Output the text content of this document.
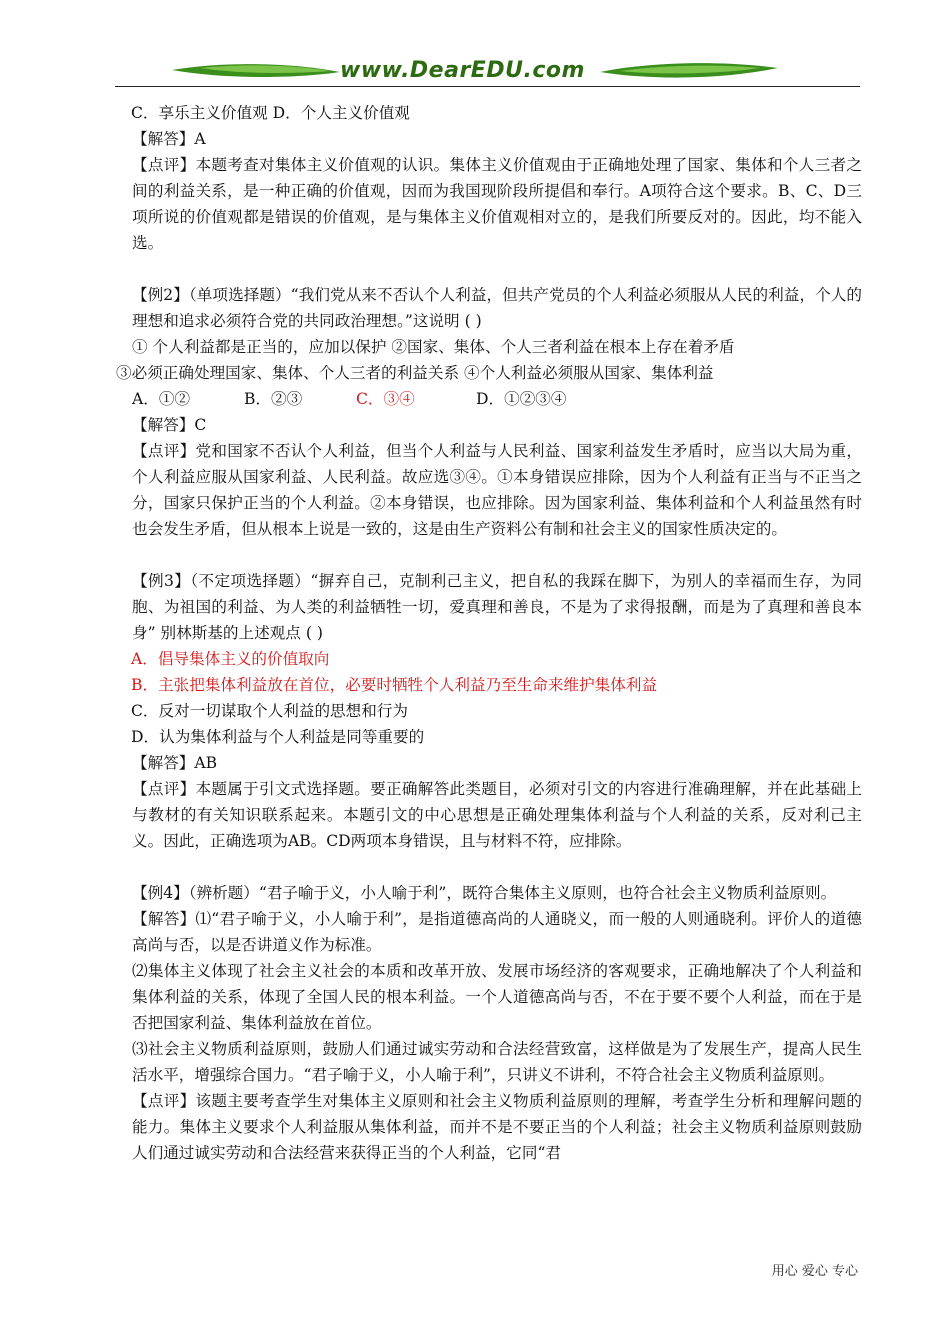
www.DearEDU.com

C．享乐主义价值观 D．个人主义价值观

【解答】A

【点评】本题考查对集体主义价值观的认识。集体主义价值观由于正确地处理了国家、集体和个人三者之间的利益关系，是一种正确的价值观，因而为我国现阶段所提倡和奉行。A项符合这个要求。B、C、D三项所说的价值观都是错误的价值观，是与集体主义价值观相对立的，是我们所要反对的。因此，均不能入选。

【例2】（单项选择题）“我们党从来不否认个人利益，但共产党员的个人利益必须服从人民的利益，个人的理想和追求必须符合党的共同政治理想。”这说明 ( )

① 个人利益都是正当的，应加以保护 ②国家、集体、个人三者利益在根本上存在着矛盾

③必须正确处理国家、集体、个人三者的利益关系 ④个人利益必须服从国家、集体利益

A．①②	B．②③	C．③④	D．①②③④

【解答】C

【点评】党和国家不否认个人利益，但当个人利益与人民利益、国家利益发生矛盾时，应当以大局为重，个人利益应服从国家利益、人民利益。故应选③④。①本身错误应排除，因为个人利益有正当与不正当之分，国家只保护正当的个人利益。②本身错误，也应排除。因为国家利益、集体利益和个人利益虽然有时也会发生矛盾，但从根本上说是一致的，这是由生产资料公有制和社会主义的国家性质决定的。

【例3】（不定项选择题）“摒弃自己，克制利己主义，把自私的我踩在脚下，为别人的幸福而生存，为同胞、为祖国的利益、为人类的利益牺牲一切，爱真理和善良，不是为了求得报酬，而是为了真理和善良本身” 别林斯基的上述观点 ( )

A．倡导集体主义的价值取向

B．主张把集体利益放在首位，必要时牺牲个人利益乃至生命来维护集体利益

C．反对一切谋取个人利益的思想和行为

D．认为集体利益与个人利益是同等重要的

【解答】AB

【点评】本题属于引文式选择题。要正确解答此类题目，必须对引文的内容进行准确理解，并在此基础上与教材的有关知识联系起来。本题引文的中心思想是正确处理集体利益与个人利益的关系，反对利己主义。因此，正确选项为AB。CD两项本身错误，且与材料不符，应排除。

【例4】（辨析题）“君子喻于义，小人喻于利”，既符合集体主义原则，也符合社会主义物质利益原则。

【解答】⑴“君子喻于义，小人喻于利”，是指道德高尚的人通晓义，而一般的人则通晓利。评价人的道德高尚与否，以是否讲道义作为标准。

⑵集体主义体现了社会主义社会的本质和改革开放、发展市场经济的客观要求，正确地解决了个人利益和集体利益的关系，体现了全国人民的根本利益。一个人道德高尚与否，不在于要不要个人利益，而在于是否把国家利益、集体利益放在首位。

⑶社会主义物质利益原则，鼓励人们通过诚实劳动和合法经营致富，这样做是为了发展生产，提高人民生活水平，增强综合国力。“君子喻于义，小人喻于利”，只讲义不讲利，不符合社会主义物质利益原则。

【点评】该题主要考查学生对集体主义原则和社会主义物质利益原则的理解，考查学生分析和理解问题的能力。集体主义要求个人利益服从集体利益，而并不是不要正当的个人利益；社会主义物质利益原则鼓励人们通过诚实劳动和合法经营来获得正当的个人利益，它同“君

用心 爱心 专心
